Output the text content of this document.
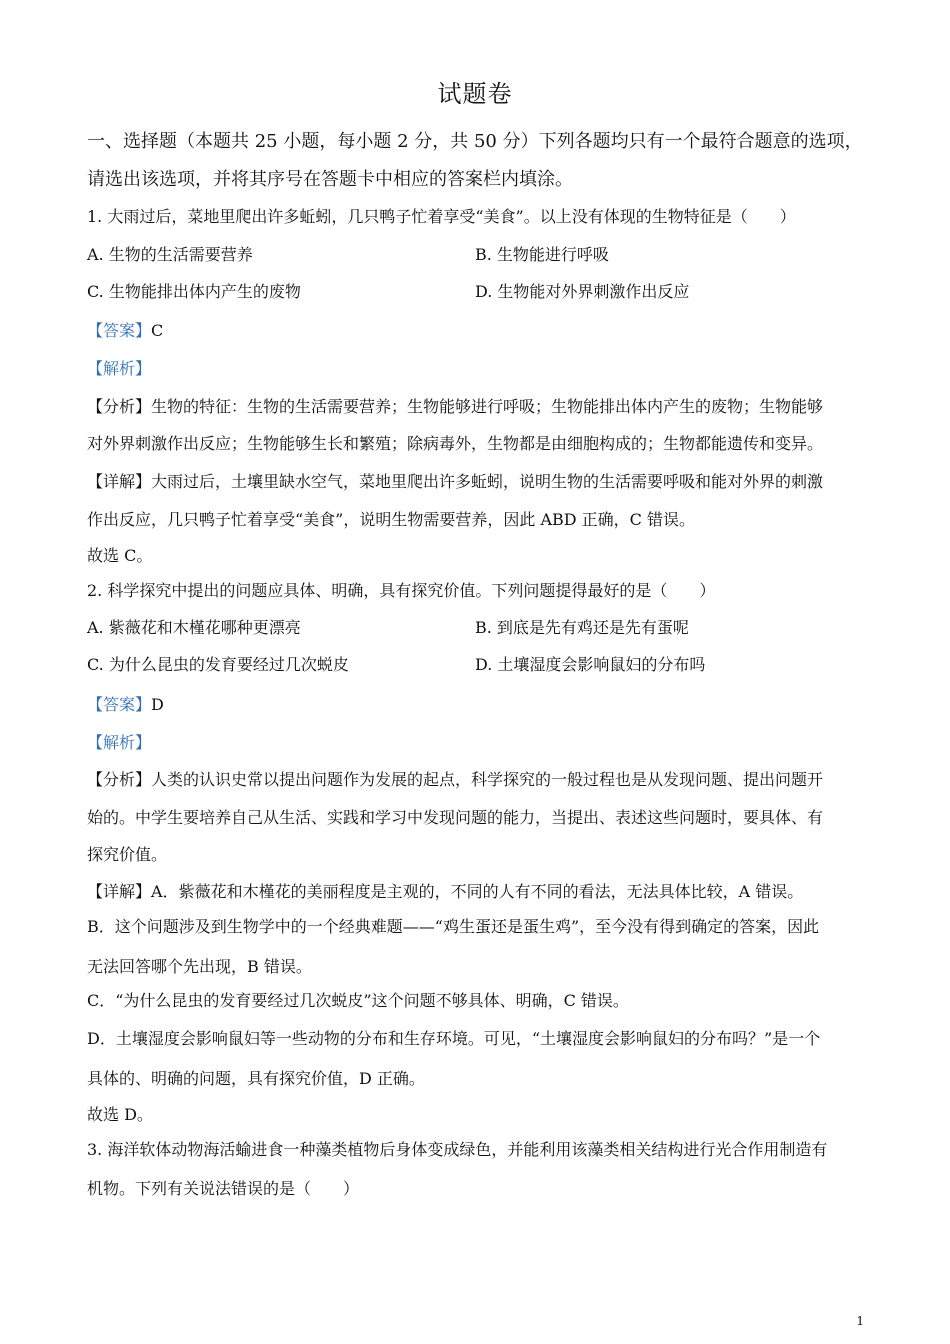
试题卷
一、选择题（本题共 25 小题，每小题 2 分，共 50 分）下列各题均只有一个最符合题意的选项，
请选出该选项，并将其序号在答题卡中相应的答案栏内填涂。
1. 大雨过后，菜地里爬出许多蚯蚓，几只鸭子忙着享受“美食”。以上没有体现的生物特征是（　　）
A. 生物的生活需要营养	B. 生物能进行呼吸
C. 生物能排出体内产生的废物	D. 生物能对外界刺激作出反应
【答案】C
【解析】
【分析】生物的特征：生物的生活需要营养；生物能够进行呼吸；生物能排出体内产生的废物；生物能够
对外界刺激作出反应；生物能够生长和繁殖；除病毒外，生物都是由细胞构成的；生物都能遗传和变异。
【详解】大雨过后，土壤里缺水空气，菜地里爬出许多蚯蚓，说明生物的生活需要呼吸和能对外界的刺激
作出反应，几只鸭子忙着享受“美食”，说明生物需要营养，因此 ABD 正确，C 错误。
故选 C。
2. 科学探究中提出的问题应具体、明确，具有探究价值。下列问题提得最好的是（　　）
A. 紫薇花和木槿花哪种更漂亮	B. 到底是先有鸡还是先有蛋呢
C. 为什么昆虫的发育要经过几次蜕皮	D. 土壤湿度会影响鼠妇的分布吗
【答案】D
【解析】
【分析】人类的认识史常以提出问题作为发展的起点，科学探究的一般过程也是从发现问题、提出问题开
始的。中学生要培养自己从生活、实践和学习中发现问题的能力，当提出、表述这些问题时，要具体、有
探究价值。
【详解】A．紫薇花和木槿花的美丽程度是主观的，不同的人有不同的看法，无法具体比较，A 错误。
B．这个问题涉及到生物学中的一个经典难题——“鸡生蛋还是蛋生鸡”，至今没有得到确定的答案，因此
无法回答哪个先出现，B 错误。
C．“为什么昆虫的发育要经过几次蜕皮”这个问题不够具体、明确，C 错误。
D．土壤湿度会影响鼠妇等一些动物的分布和生存环境。可见，“土壤湿度会影响鼠妇的分布吗？”是一个
具体的、明确的问题，具有探究价值，D 正确。
故选 D。
3. 海洋软体动物海活蝓进食一种藻类植物后身体变成绿色，并能利用该藻类相关结构进行光合作用制造有
机物。下列有关说法错误的是（　　）
1
